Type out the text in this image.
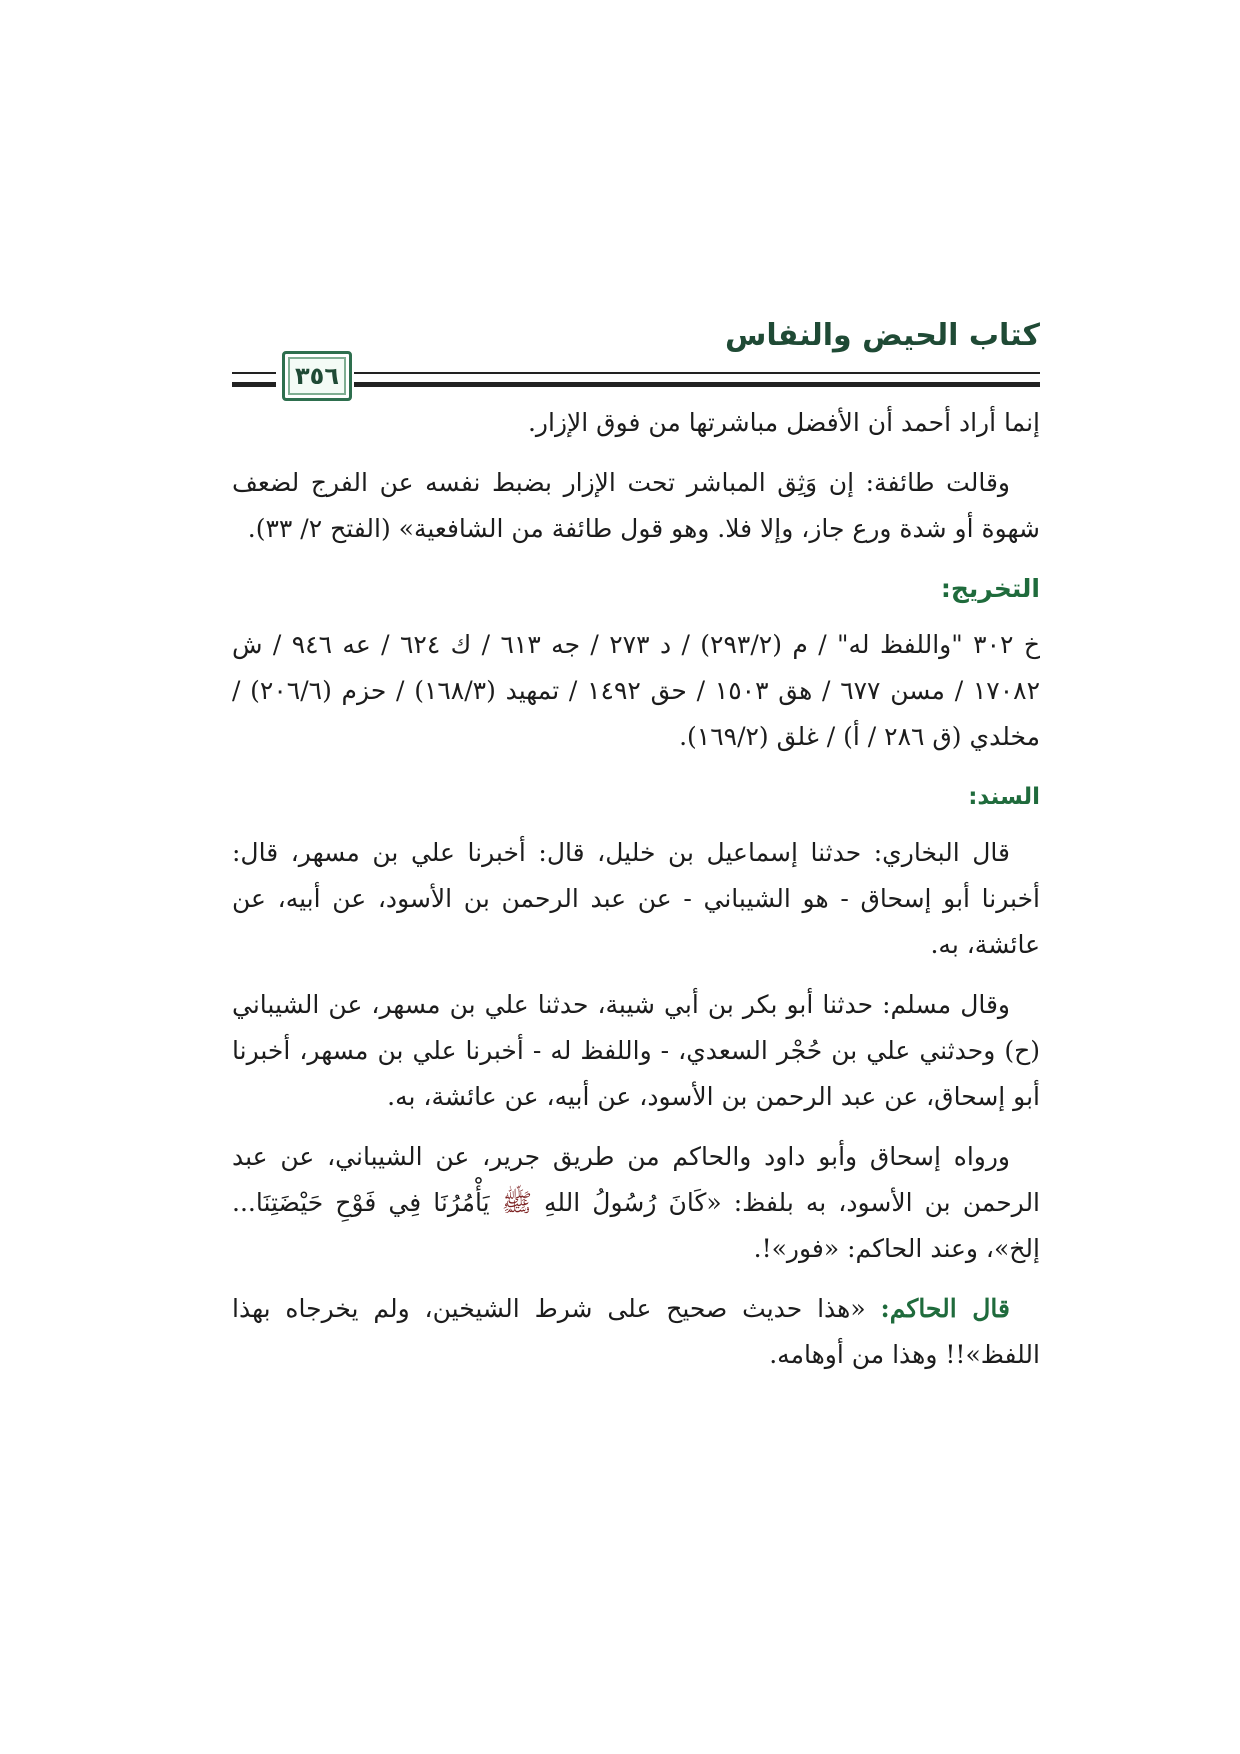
كتاب الحيض والنفاس
٣٥٦

إنما أراد أحمد أن الأفضل مباشرتها من فوق الإزار.

وقالت طائفة: إن وَثِق المباشر تحت الإزار بضبط نفسه عن الفرج لضعف شهوة أو شدة ورع جاز، وإلا فلا. وهو قول طائفة من الشافعية» (الفتح ٢/ ٣٣).

التخريج:

خ ٣٠٢ "واللفظ له" / م (٢٩٣/٢) / د ٢٧٣ / جه ٦١٣ / ك ٦٢٤ / عه ٩٤٦ / ش ١٧٠٨٢ / مسن ٦٧٧ / هق ١٥٠٣ / حق ١٤٩٢ / تمهيد (١٦٨/٣) / حزم (٢٠٦/٦) / مخلدي (ق ٢٨٦ / أ) / غلق (١٦٩/٢).

السند:

قال البخاري: حدثنا إسماعيل بن خليل، قال: أخبرنا علي بن مسهر، قال: أخبرنا أبو إسحاق - هو الشيباني - عن عبد الرحمن بن الأسود، عن أبيه، عن عائشة، به.

وقال مسلم: حدثنا أبو بكر بن أبي شيبة، حدثنا علي بن مسهر، عن الشيباني (ح) وحدثني علي بن حُجْر السعدي، - واللفظ له - أخبرنا علي بن مسهر، أخبرنا أبو إسحاق، عن عبد الرحمن بن الأسود، عن أبيه، عن عائشة، به.

ورواه إسحاق وأبو داود والحاكم من طريق جرير، عن الشيباني، عن عبد الرحمن بن الأسود، به بلفظ: «كَانَ رُسُولُ اللهِ ﷺ يَأْمُرُنَا فِي فَوْحِ حَيْضَتِنَا... إلخ»، وعند الحاكم: «فور»!.

قال الحاكم: «هذا حديث صحيح على شرط الشيخين، ولم يخرجاه بهذا اللفظ»!! وهذا من أوهامه.
